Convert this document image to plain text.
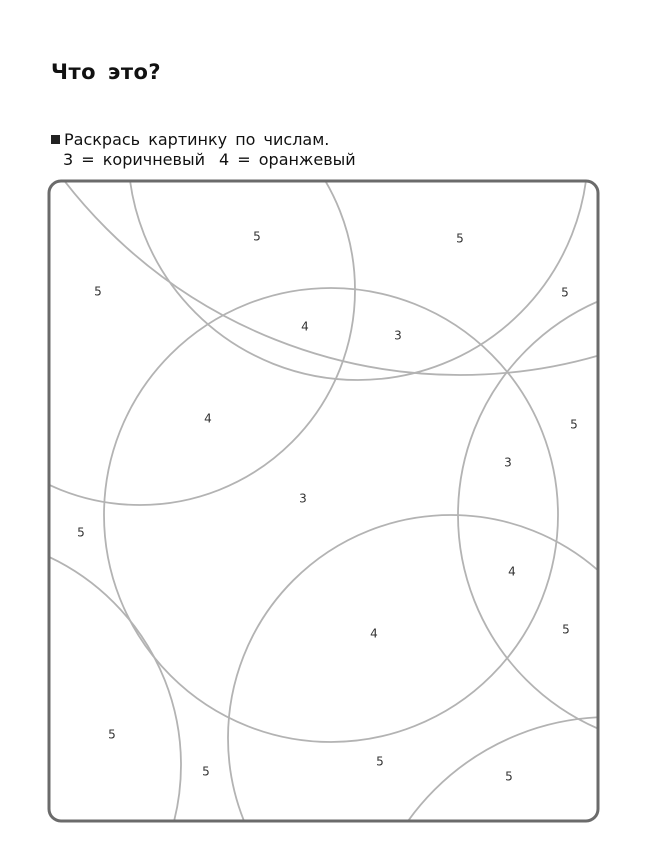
Что это?
Раскрась картинку по числам.
3 = коричневый 4 = оранжевый
5	5
5	5
4
3
4
3
3
5
5
4
4	5
5
5
5
5
